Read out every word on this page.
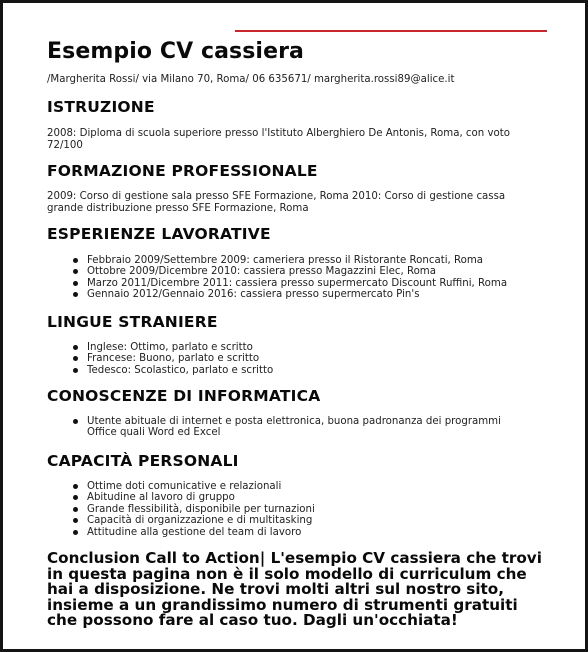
Esempio CV cassiera
/Margherita Rossi/ via Milano 70, Roma/ 06 635671/ margherita.rossi89@alice.it
ISTRUZIONE

2008: Diploma di scuola superiore presso l'Istituto Alberghiero De Antonis, Roma, con voto 72/100

FORMAZIONE PROFESSIONALE

2009: Corso di gestione sala presso SFE Formazione, Roma 2010: Corso di gestione cassa grande distribuzione presso SFE Formazione, Roma

ESPERIENZE LAVORATIVE
Febbraio 2009/Settembre 2009: cameriera presso il Ristorante Roncati, Roma
Ottobre 2009/Dicembre 2010: cassiera presso Magazzini Elec, Roma
Marzo 2011/Dicembre 2011: cassiera presso supermercato Discount Ruffini, Roma
Gennaio 2012/Gennaio 2016: cassiera presso supermercato Pin's
LINGUE STRANIERE
Inglese: Ottimo, parlato e scritto
Francese: Buono, parlato e scritto
Tedesco: Scolastico, parlato e scritto
CONOSCENZE DI INFORMATICA
Utente abituale di internet e posta elettronica, buona padronanza dei programmi Office quali Word ed Excel
CAPACITÀ PERSONALI
Ottime doti comunicative e relazionali
Abitudine al lavoro di gruppo
Grande flessibilità, disponibile per turnazioni
Capacità di organizzazione e di multitasking
Attitudine alla gestione del team di lavoro

Conclusion Call to Action| L'esempio CV cassiera che trovi in questa pagina non è il solo modello di curriculum che hai a disposizione. Ne trovi molti altri sul nostro sito, insieme a un grandissimo numero di strumenti gratuiti che possono fare al caso tuo. Dagli un'occhiata!
